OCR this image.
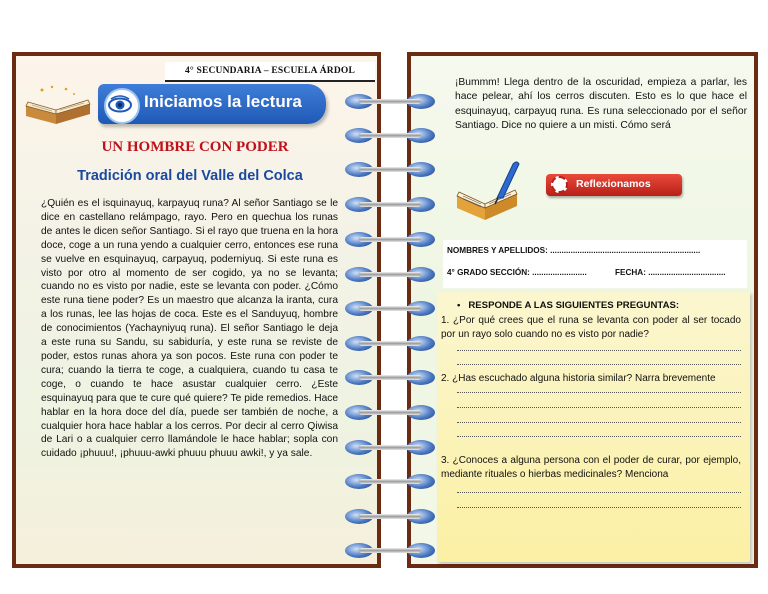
4° SECUNDARIA – ESCUELA ÁRDOL
Iniciamos la lectura
UN HOMBRE CON PODER
Tradición oral del Valle del Colca
¿Quién es el isquinayuq, karpayuq runa? Al señor Santiago se le dice en castellano relámpago, rayo. Pero en quechua los runas de antes le dicen señor Santiago. Si el rayo que truena en la hora doce, coge a un runa yendo a cualquier cerro, entonces ese runa se vuelve en esquinayuq, carpayuq, poderniyuq. Si este runa es visto por otro al momento de ser cogido, ya no se levanta; cuando no es visto por nadie, este se levanta con poder. ¿Cómo este runa tiene poder? Es un maestro que alcanza la iranta, cura a los runas, lee las hojas de coca. Este es el Sanduyuq, hombre de conocimientos (Yachayniyuq runa). El señor Santiago le deja a este runa su Sandu, su sabiduría, y este runa se reviste de poder, estos runas ahora ya son pocos. Este runa con poder te cura; cuando la tierra te coge, a cualquiera, cuando tu casa te coge, o cuando te hace asustar cualquier cerro. ¿Este esquinayuq para que te cure qué quiere? Te pide remedios. Hace hablar en la hora doce del día, puede ser también de noche, a cualquier hora hace hablar a los cerros. Por decir al cerro Qiwisa de Lari o a cualquier cerro llamándole le hace hablar; sopla con cuidado ¡phuuu!, ¡phuuu-awki phuuu phuuu awki!, y ya sale.
¡Bummm! Llega dentro de la oscuridad, empieza a parlar, les hace pelear, ahí los cerros discuten. Esto es lo que hace el esquinayuq, carpayuq runa. Es runa seleccionado por el señor Santiago. Dice no quiere a un misti. Cómo será
Reflexionamos
NOMBRES Y APELLIDOS: ..................................................................
4° GRADO SECCIÓN: ........................	FECHA: ..................................
•   RESPONDE A LAS SIGUIENTES PREGUNTAS:
1. ¿Por qué crees que el runa se levanta con poder al ser tocado por un rayo solo cuando no es visto por nadie?
2. ¿Has escuchado alguna historia similar? Narra brevemente
3. ¿Conoces a alguna persona con el poder de curar, por ejemplo, mediante rituales o hierbas medicinales? Menciona
